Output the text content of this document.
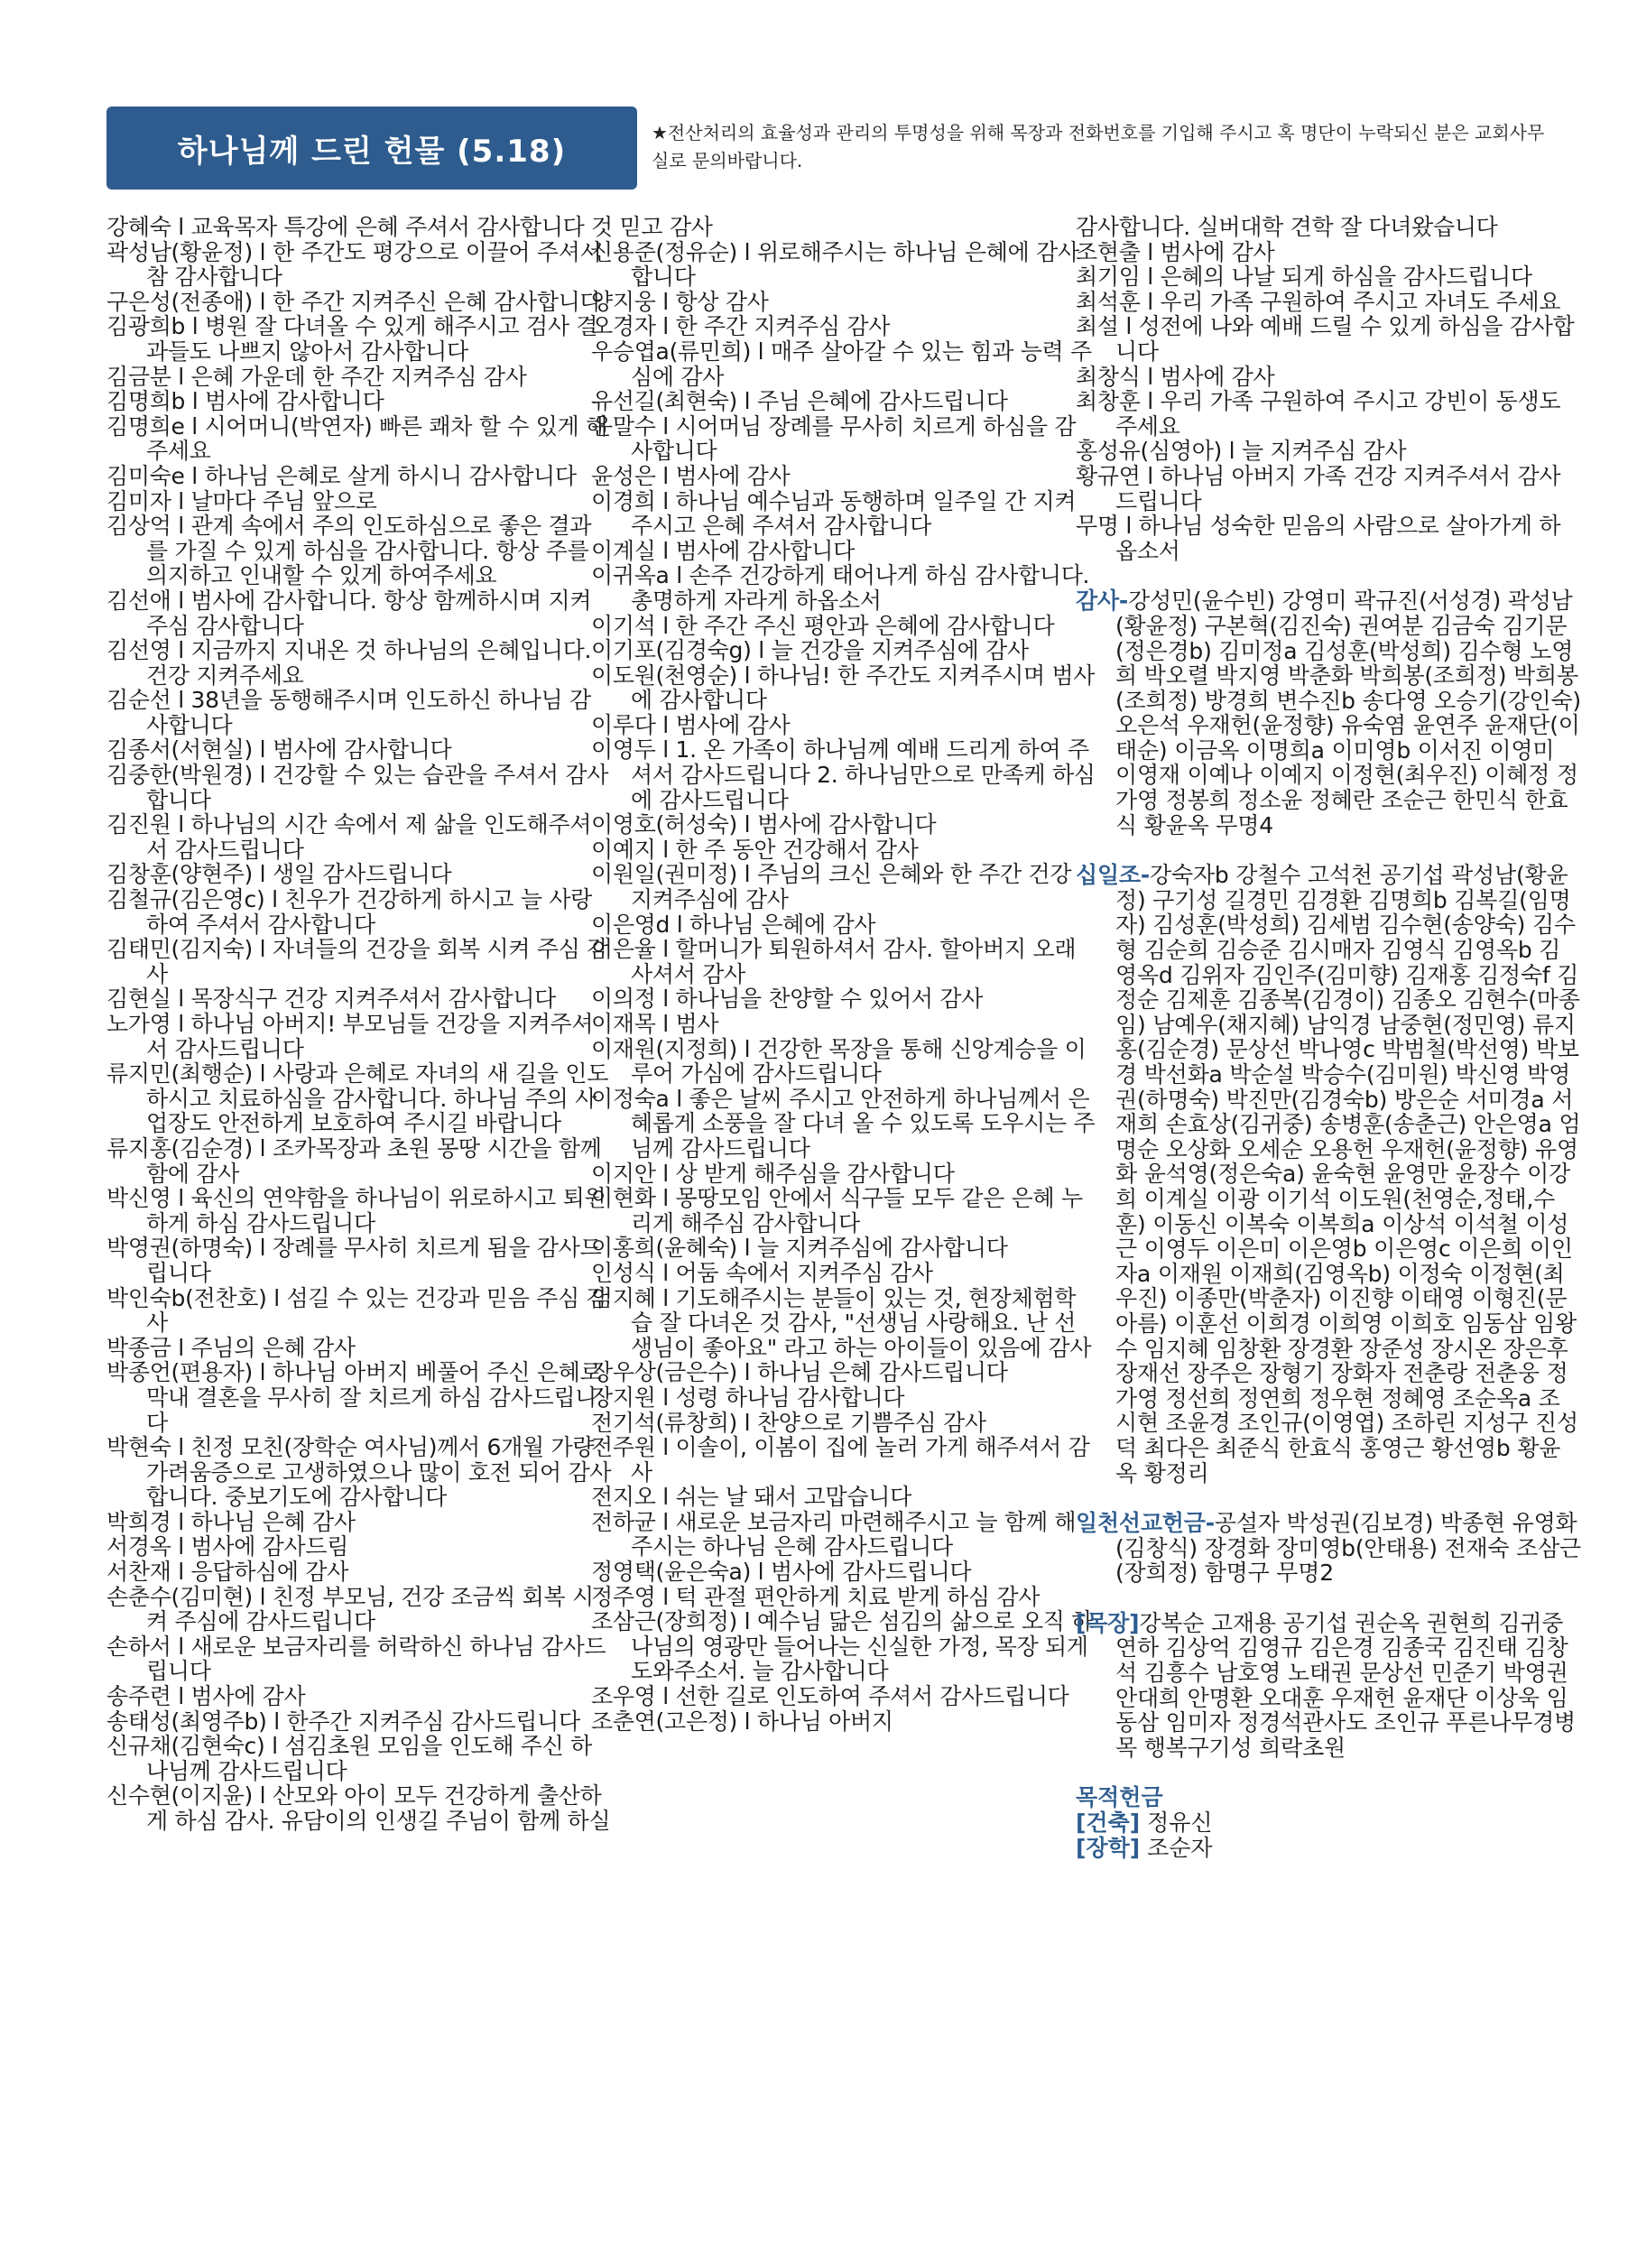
하나님께 드린 헌물 (5.18)
★전산처리의 효율성과 관리의 투명성을 위해 목장과 전화번호를 기입해 주시고 혹 명단이 누락되신 분은 교회사무실로 문의바랍니다.

강혜숙 l 교육목자 특강에 은혜 주셔서 감사합니다

곽성남(황윤정) l 한 주간도 평강으로 이끌어 주셔서 참 감사합니다

구은성(전종애) l 한 주간 지켜주신 은혜 감사합니다

김광희b l 병원 잘 다녀올 수 있게 해주시고 검사 결과들도 나쁘지 않아서 감사합니다

김금분 l 은혜 가운데 한 주간 지켜주심 감사

김명희b l 범사에 감사합니다

김명희e l 시어머니(박연자) 빠른 쾌차 할 수 있게 해주세요

김미숙e l 하나님 은혜로 살게 하시니 감사합니다

김미자 l 날마다 주님 앞으로

김상억 l 관계 속에서 주의 인도하심으로 좋은 결과를 가질 수 있게 하심을 감사합니다. 항상 주를 의지하고 인내할 수 있게 하여주세요

김선애 l 범사에 감사합니다. 항상 함께하시며 지켜주심 감사합니다

김선영 l 지금까지 지내온 것 하나님의 은혜입니다. 건강 지켜주세요

김순선 l 38년을 동행해주시며 인도하신 하나님 감사합니다

김종서(서현실) l 범사에 감사합니다

김중한(박원경) l 건강할 수 있는 습관을 주셔서 감사합니다

김진원 l 하나님의 시간 속에서 제 삶을 인도해주셔서 감사드립니다

김창훈(양현주) l 생일 감사드립니다

김철규(김은영c) l 친우가 건강하게 하시고 늘 사랑하여 주셔서 감사합니다

김태민(김지숙) l 자녀들의 건강을 회복 시켜 주심 감사

김현실 l 목장식구 건강 지켜주셔서 감사합니다

노가영 l 하나님 아버지! 부모님들 건강을 지켜주셔서 감사드립니다

류지민(최행순) l 사랑과 은혜로 자녀의 새 길을 인도하시고 치료하심을 감사합니다. 하나님 주의 사업장도 안전하게 보호하여 주시길 바랍니다

류지홍(김순경) l 조카목장과 초원 몽땅 시간을 함께함에 감사

박신영 l 육신의 연약함을 하나님이 위로하시고 퇴원하게 하심 감사드립니다

박영권(하명숙) l 장례를 무사히 치르게 됨을 감사드립니다

박인숙b(전찬호) l 섬길 수 있는 건강과 믿음 주심 감사

박종금 l 주님의 은혜 감사

박종언(편용자) l 하나님 아버지 베풀어 주신 은혜로 막내 결혼을 무사히 잘 치르게 하심 감사드립니다

박현숙 l 친정 모친(장학순 여사님)께서 6개월 가량 가려움증으로 고생하였으나 많이 호전 되어 감사합니다. 중보기도에 감사합니다

박희경 l 하나님 은혜 감사

서경옥 l 범사에 감사드림

서찬재 l 응답하심에 감사

손춘수(김미현) l 친정 부모님, 건강 조금씩 회복 시켜 주심에 감사드립니다

손하서 l 새로운 보금자리를 허락하신 하나님 감사드립니다

송주련 l 범사에 감사

송태성(최영주b) l 한주간 지켜주심 감사드립니다

신규채(김현숙c) l 섬김초원 모임을 인도해 주신 하나님께 감사드립니다

신수현(이지윤) l 산모와 아이 모두 건강하게 출산하게 하심 감사. 유담이의 인생길 주님이 함께 하실

것 믿고 감사

신용준(정유순) l 위로해주시는 하나님 은혜에 감사합니다

양지웅 l 항상 감사

오경자 l 한 주간 지켜주심 감사

우승엽a(류민희) l 매주 살아갈 수 있는 힘과 능력 주심에 감사

유선길(최현숙) l 주님 은혜에 감사드립니다

윤말수 l 시어머님 장례를 무사히 치르게 하심을 감사합니다

윤성은 l 범사에 감사

이경희 l 하나님 예수님과 동행하며 일주일 간 지켜주시고 은혜 주셔서 감사합니다

이계실 l 범사에 감사합니다

이귀옥a l 손주 건강하게 태어나게 하심 감사합니다. 총명하게 자라게 하옵소서

이기석 l 한 주간 주신 평안과 은혜에 감사합니다

이기포(김경숙g) l 늘 건강을 지켜주심에 감사

이도원(천영순) l 하나님! 한 주간도 지켜주시며 범사에 감사합니다

이루다 l 범사에 감사

이영두 l 1. 온 가족이 하나님께 예배 드리게 하여 주셔서 감사드립니다 2. 하나님만으로 만족케 하심에 감사드립니다

이영호(허성숙) l 범사에 감사합니다

이예지 l 한 주 동안 건강해서 감사

이원일(권미정) l 주님의 크신 은혜와 한 주간 건강 지켜주심에 감사

이은영d l 하나님 은혜에 감사

이은율 l 할머니가 퇴원하셔서 감사. 할아버지 오래 사셔서 감사

이의정 l 하나님을 찬양할 수 있어서 감사

이재목 l 범사

이재원(지정희) l 건강한 목장을 통해 신앙계승을 이루어 가심에 감사드립니다

이정숙a l 좋은 날씨 주시고 안전하게 하나님께서 은혜롭게 소풍을 잘 다녀 올 수 있도록 도우시는 주님께 감사드립니다

이지안 l 상 받게 해주심을 감사합니다

이현화 l 몽땅모임 안에서 식구들 모두 같은 은혜 누리게 해주심 감사합니다

이홍희(윤혜숙) l 늘 지켜주심에 감사합니다

인성식 l 어둠 속에서 지켜주심 감사

임지혜 l 기도해주시는 분들이 있는 것, 현장체험학습 잘 다녀온 것 감사, "선생님 사랑해요. 난 선생님이 좋아요" 라고 하는 아이들이 있음에 감사

장우상(금은수) l 하나님 은혜 감사드립니다

장지원 l 성령 하나님 감사합니다

전기석(류창희) l 찬양으로 기쁨주심 감사

전주원 l 이솔이, 이봄이 집에 놀러 가게 해주셔서 감사

전지오 l 쉬는 날 돼서 고맙습니다

전하균 l 새로운 보금자리 마련해주시고 늘 함께 해주시는 하나님 은혜 감사드립니다

정영택(윤은숙a) l 범사에 감사드립니다

정주영 l 턱 관절 편안하게 치료 받게 하심 감사

조삼근(장희정) l 예수님 닮은 섬김의 삶으로 오직 하나님의 영광만 들어나는 신실한 가정, 목장 되게 도와주소서. 늘 감사합니다

조우영 l 선한 길로 인도하여 주셔서 감사드립니다

조춘연(고은정) l 하나님 아버지

감사합니다. 실버대학 견학 잘 다녀왔습니다

조현출 l 범사에 감사

최기임 l 은혜의 나날 되게 하심을 감사드립니다

최석훈 l 우리 가족 구원하여 주시고 자녀도 주세요

최설 l 성전에 나와 예배 드릴 수 있게 하심을 감사합니다

최창식 l 범사에 감사

최창훈 l 우리 가족 구원하여 주시고 강빈이 동생도 주세요

홍성유(심영아) l 늘 지켜주심 감사

황규연 l 하나님 아버지 가족 건강 지켜주셔서 감사드립니다

무명 l 하나님 성숙한 믿음의 사람으로 살아가게 하옵소서

감사-강성민(윤수빈) 강영미 곽규진(서성경) 곽성남(황윤정) 구본혁(김진숙) 권여분 김금숙 김기문(정은경b) 김미정a 김성훈(박성희) 김수형 노영희 박오렬 박지영 박춘화 박희봉(조희정) 박희봉(조희정) 방경희 변수진b 송다영 오승기(강인숙) 오은석 우재헌(윤정향) 유숙염 윤연주 윤재단(이태순) 이금옥 이명희a 이미영b 이서진 이영미 이영재 이예나 이예지 이정현(최우진) 이혜정 정가영 정봉희 정소윤 정혜란 조순근 한민식 한효식 황윤옥 무명4

십일조-강숙자b 강철수 고석천 공기섭 곽성남(황윤정) 구기성 길경민 김경환 김명희b 김복길(임명자) 김성훈(박성희) 김세범 김수현(송양숙) 김수형 김순희 김승준 김시매자 김영식 김영옥b 김영옥d 김위자 김인주(김미향) 김재홍 김정숙f 김정순 김제훈 김종복(김경이) 김종오 김현수(마종임) 남예우(채지혜) 남익경 남중현(정민영) 류지홍(김순경) 문상선 박나영c 박범철(박선영) 박보경 박선화a 박순설 박승수(김미원) 박신영 박영권(하명숙) 박진만(김경숙b) 방은순 서미경a 서재희 손효상(김귀중) 송병훈(송춘근) 안은영a 엄명순 오상화 오세순 오용헌 우재헌(윤정향) 유영화 윤석영(정은숙a) 윤숙현 윤영만 윤장수 이강희 이계실 이광 이기석 이도원(천영순,정태,수훈) 이동신 이복숙 이복희a 이상석 이석철 이성근 이영두 이은미 이은영b 이은영c 이은희 이인자a 이재원 이재희(김영옥b) 이정숙 이정현(최우진) 이종만(박춘자) 이진향 이태영 이형진(문아름) 이훈선 이희경 이희영 이희호 임동삼 임왕수 임지혜 임창환 장경환 장준성 장시온 장은후 장재선 장주은 장형기 장화자 전춘랑 전춘웅 정가영 정선희 정연희 정우현 정혜영 조순옥a 조시현 조윤경 조인규(이영엽) 조하린 지성구 진성덕 최다은 최준식 한효식 홍영근 황선영b 황윤옥 황정리

일천선교헌금-공설자 박성권(김보경) 박종현 유영화(김창식) 장경화 장미영b(안태용) 전재숙 조삼근(장희정) 함명구 무명2

[목장]강복순 고재용 공기섭 권순옥 권현희 김귀중연하 김상억 김영규 김은경 김종국 김진태 김창석 김흥수 남호영 노태권 문상선 민준기 박영권 안대희 안명환 오대훈 우재헌 윤재단 이상욱 임동삼 임미자 정경석관사도 조인규 푸른나무경병목 행복구기성 희락초원

목적헌금

[건축] 정유신

[장학] 조순자
